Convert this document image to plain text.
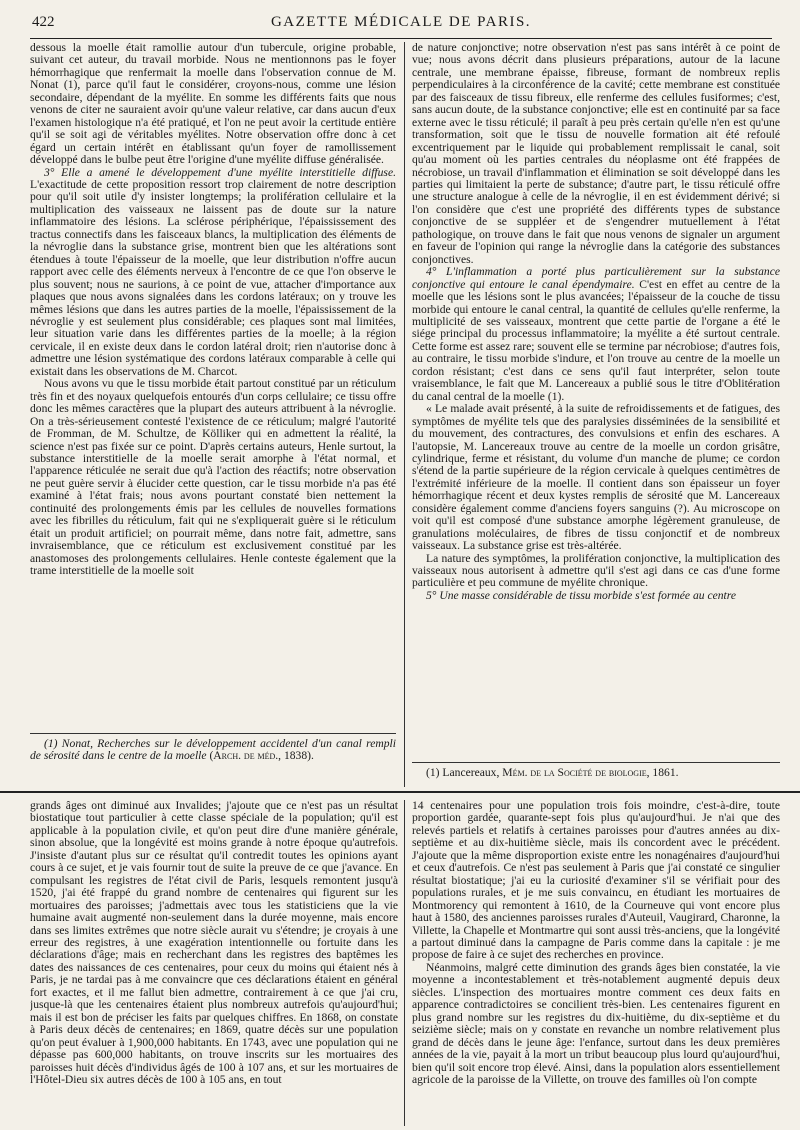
422	GAZETTE MÉDICALE DE PARIS.

dessous la moelle était ramollie autour d'un tubercule, origine probable, suivant cet auteur, du travail morbide. Nous ne mentionnons pas le foyer hémorrhagique que renfermait la moelle dans l'observation connue de M. Nonat (1), parce qu'il faut le considérer, croyons-nous, comme une lésion secondaire, dépendant de la myélite. En somme les différents faits que nous venons de citer ne sauraient avoir qu'une valeur relative, car dans aucun d'eux l'examen histologique n'a été pratiqué, et l'on ne peut avoir la certitude entière qu'il se soit agi de véritables myélites. Notre observation offre donc à cet égard un certain intérêt en établissant qu'un foyer de ramollissement développé dans le bulbe peut être l'origine d'une myélite diffuse généralisée.

3° Elle a amené le développement d'une myélite interstitielle diffuse. L'exactitude de cette proposition ressort trop clairement de notre description pour qu'il soit utile d'y insister longtemps; la prolifération cellulaire et la multiplication des vaisseaux ne laissent pas de doute sur la nature inflammatoire des lésions. La sclérose périphérique, l'épaississement des tractus connectifs dans les faisceaux blancs, la multiplication des éléments de la névroglie dans la substance grise, montrent bien que les altérations sont étendues à toute l'épaisseur de la moelle, que leur distribution n'offre aucun rapport avec celle des éléments nerveux à l'encontre de ce que l'on observe le plus souvent; nous ne saurions, à ce point de vue, attacher d'importance aux plaques que nous avons signalées dans les cordons latéraux; on y trouve les mêmes lésions que dans les autres parties de la moelle, l'épaississement de la névroglie y est seulement plus considérable; ces plaques sont mal limitées, leur situation varie dans les différentes parties de la moelle; à la région cervicale, il en existe deux dans le cordon latéral droit; rien n'autorise donc à admettre une lésion systématique des cordons latéraux comparable à celle qui existait dans les observations de M. Charcot.

Nous avons vu que le tissu morbide était partout constitué par un réticulum très fin et des noyaux quelquefois entourés d'un corps cellulaire; ce tissu offre donc les mêmes caractères que la plupart des auteurs attribuent à la névroglie. On a très-sérieusement contesté l'existence de ce réticulum; malgré l'autorité de Fromman, de M. Schultze, de Kölliker qui en admettent la réalité, la science n'est pas fixée sur ce point. D'après certains auteurs, Henle surtout, la substance interstitielle de la moelle serait amorphe à l'état normal, et l'apparence réticulée ne serait due qu'à l'action des réactifs; notre observation ne peut guère servir à élucider cette question, car le tissu morbide n'a pas été examiné à l'état frais; nous avons pourtant constaté bien nettement la continuité des prolongements émis par les cellules de nouvelles formations avec les fibrilles du réticulum, fait qui ne s'expliquerait guère si le réticulum était un produit artificiel; on pourrait même, dans notre fait, admettre, sans invraisemblance, que ce réticulum est exclusivement constitué par les anastomoses des prolongements cellulaires. Henle conteste également que la trame interstitielle de la moelle soit

de nature conjonctive; notre observation n'est pas sans intérêt à ce point de vue; nous avons décrit dans plusieurs préparations, autour de la lacune centrale, une membrane épaisse, fibreuse, formant de nombreux replis perpendiculaires à la circonférence de la cavité; cette membrane est constituée par des faisceaux de tissu fibreux, elle renferme des cellules fusiformes; c'est, sans aucun doute, de la substance conjonctive; elle est en continuité par sa face externe avec le tissu réticulé; il paraît à peu près certain qu'elle n'en est qu'une transformation, soit que le tissu de nouvelle formation ait été refoulé excentriquement par le liquide qui probablement remplissait le canal, soit qu'au moment où les parties centrales du néoplasme ont été frappées de nécrobiose, un travail d'inflammation et élimination se soit développé dans les parties qui limitaient la perte de substance; d'autre part, le tissu réticulé offre une structure analogue à celle de la névroglie, il en est évidemment dérivé; si l'on considère que c'est une propriété des différents types de substance conjonctive de se suppléer et de s'engendrer mutuellement à l'état pathologique, on trouve dans le fait que nous venons de signaler un argument en faveur de l'opinion qui range la névroglie dans la catégorie des substances conjonctives.

4° L'inflammation a porté plus particulièrement sur la substance conjonctive qui entoure le canal épendymaire. C'est en effet au centre de la moelle que les lésions sont le plus avancées; l'épaisseur de la couche de tissu morbide qui entoure le canal central, la quantité de cellules qu'elle renferme, la multiplicité de ses vaisseaux, montrent que cette partie de l'organe a été le siége principal du processus inflammatoire; la myélite a été surtout centrale. Cette forme est assez rare; souvent elle se termine par nécrobiose; d'autres fois, au contraire, le tissu morbide s'indure, et l'on trouve au centre de la moelle un cordon résistant; c'est dans ce sens qu'il faut interpréter, selon toute vraisemblance, le fait que M. Lancereaux a publié sous le titre d'Oblitération du canal central de la moelle (1).

« Le malade avait présenté, à la suite de refroidissements et de fatigues, des symptômes de myélite tels que des paralysies disséminées de la sensibilité et du mouvement, des contractures, des convulsions et enfin des eschares. A l'autopsie, M. Lancereaux trouve au centre de la moelle un cordon grisâtre, cylindrique, ferme et résistant, du volume d'un manche de plume; ce cordon s'étend de la partie supérieure de la région cervicale à quelques centimètres de l'extrémité inférieure de la moelle. Il contient dans son épaisseur un foyer hémorrhagique récent et deux kystes remplis de sérosité que M. Lancereaux considère également comme d'anciens foyers sanguins (?). Au microscope on voit qu'il est composé d'une substance amorphe légèrement granuleuse, de granulations moléculaires, de fibres de tissu conjonctif et de nombreux vaisseaux. La substance grise est très-altérée.

La nature des symptômes, la prolifération conjonctive, la multiplication des vaisseaux nous autorisent à admettre qu'il s'est agi dans ce cas d'une forme particulière et peu commune de myélite chronique.

5° Une masse considérable de tissu morbide s'est formée au centre

(1) Nonat, Recherches sur le développement accidentel d'un canal rempli de sérosité dans le centre de la moelle (Arch. de méd., 1838).

(1) Lancereaux, Mém. de la Société de biologie, 1861.

grands âges ont diminué aux Invalides; j'ajoute que ce n'est pas un résultat biostatique tout particulier à cette classe spéciale de la population; qu'il est applicable à la population civile, et qu'on peut dire d'une manière générale, sinon absolue, que la longévité est moins grande à notre époque qu'autrefois. J'insiste d'autant plus sur ce résultat qu'il contredit toutes les opinions ayant cours à ce sujet, et je vais fournir tout de suite la preuve de ce que j'avance. En compulsant les registres de l'état civil de Paris, lesquels remontent jusqu'à 1520, j'ai été frappé du grand nombre de centenaires qui figurent sur les mortuaires des paroisses; j'admettais avec tous les statisticiens que la vie humaine avait augmenté non-seulement dans la durée moyenne, mais encore dans ses limites extrêmes que notre siècle aurait vu s'étendre; je croyais à une erreur des registres, à une exagération intentionnelle ou fortuite dans les déclarations d'âge; mais en recherchant dans les registres des baptêmes les dates des naissances de ces centenaires, pour ceux du moins qui étaient nés à Paris, je ne tardai pas à me convaincre que ces déclarations étaient en général fort exactes, et il me fallut bien admettre, contrairement à ce que j'ai cru, jusque-là que les centenaires étaient plus nombreux autrefois qu'aujourd'hui; mais il est bon de préciser les faits par quelques chiffres. En 1868, on constate à Paris deux décès de centenaires; en 1869, quatre décès sur une population qu'on peut évaluer à 1,900,000 habitants. En 1743, avec une population qui ne dépasse pas 600,000 habitants, on trouve inscrits sur les mortuaires des paroisses huit décès d'individus âgés de 100 à 107 ans, et sur les mortuaires de l'Hôtel-Dieu six autres décès de 100 à 105 ans, en tout

14 centenaires pour une population trois fois moindre, c'est-à-dire, toute proportion gardée, quarante-sept fois plus qu'aujourd'hui. Je n'ai que des relevés partiels et relatifs à certaines paroisses pour d'autres années au dix-septième et au dix-huitième siècle, mais ils concordent avec le précédent. J'ajoute que la même disproportion existe entre les nonagénaires d'aujourd'hui et ceux d'autrefois. Ce n'est pas seulement à Paris que j'ai constaté ce singulier résultat biostatique; j'ai eu la curiosité d'examiner s'il se vérifiait pour des populations rurales, et je me suis convaincu, en étudiant les mortuaires de Montmorency qui remontent à 1610, de la Courneuve qui vont encore plus haut à 1580, des anciennes paroisses rurales d'Auteuil, Vaugirard, Charonne, la Villette, la Chapelle et Montmartre qui sont aussi très-anciens, que la longévité a partout diminué dans la campagne de Paris comme dans la capitale : je me propose de faire à ce sujet des recherches en province.

Néanmoins, malgré cette diminution des grands âges bien constatée, la vie moyenne a incontestablement et très-notablement augmenté depuis deux siècles. L'inspection des mortuaires montre comment ces deux faits en apparence contradictoires se concilient très-bien. Les centenaires figurent en plus grand nombre sur les registres du dix-huitième, du dix-septième et du seizième siècle; mais on y constate en revanche un nombre relativement plus grand de décès dans le jeune âge: l'enfance, surtout dans les deux premières années de la vie, payait à la mort un tribut beaucoup plus lourd qu'aujourd'hui, bien qu'il soit encore trop élevé. Ainsi, dans la population alors essentiellement agricole de la paroisse de la Villette, on trouve des familles où l'on compte
